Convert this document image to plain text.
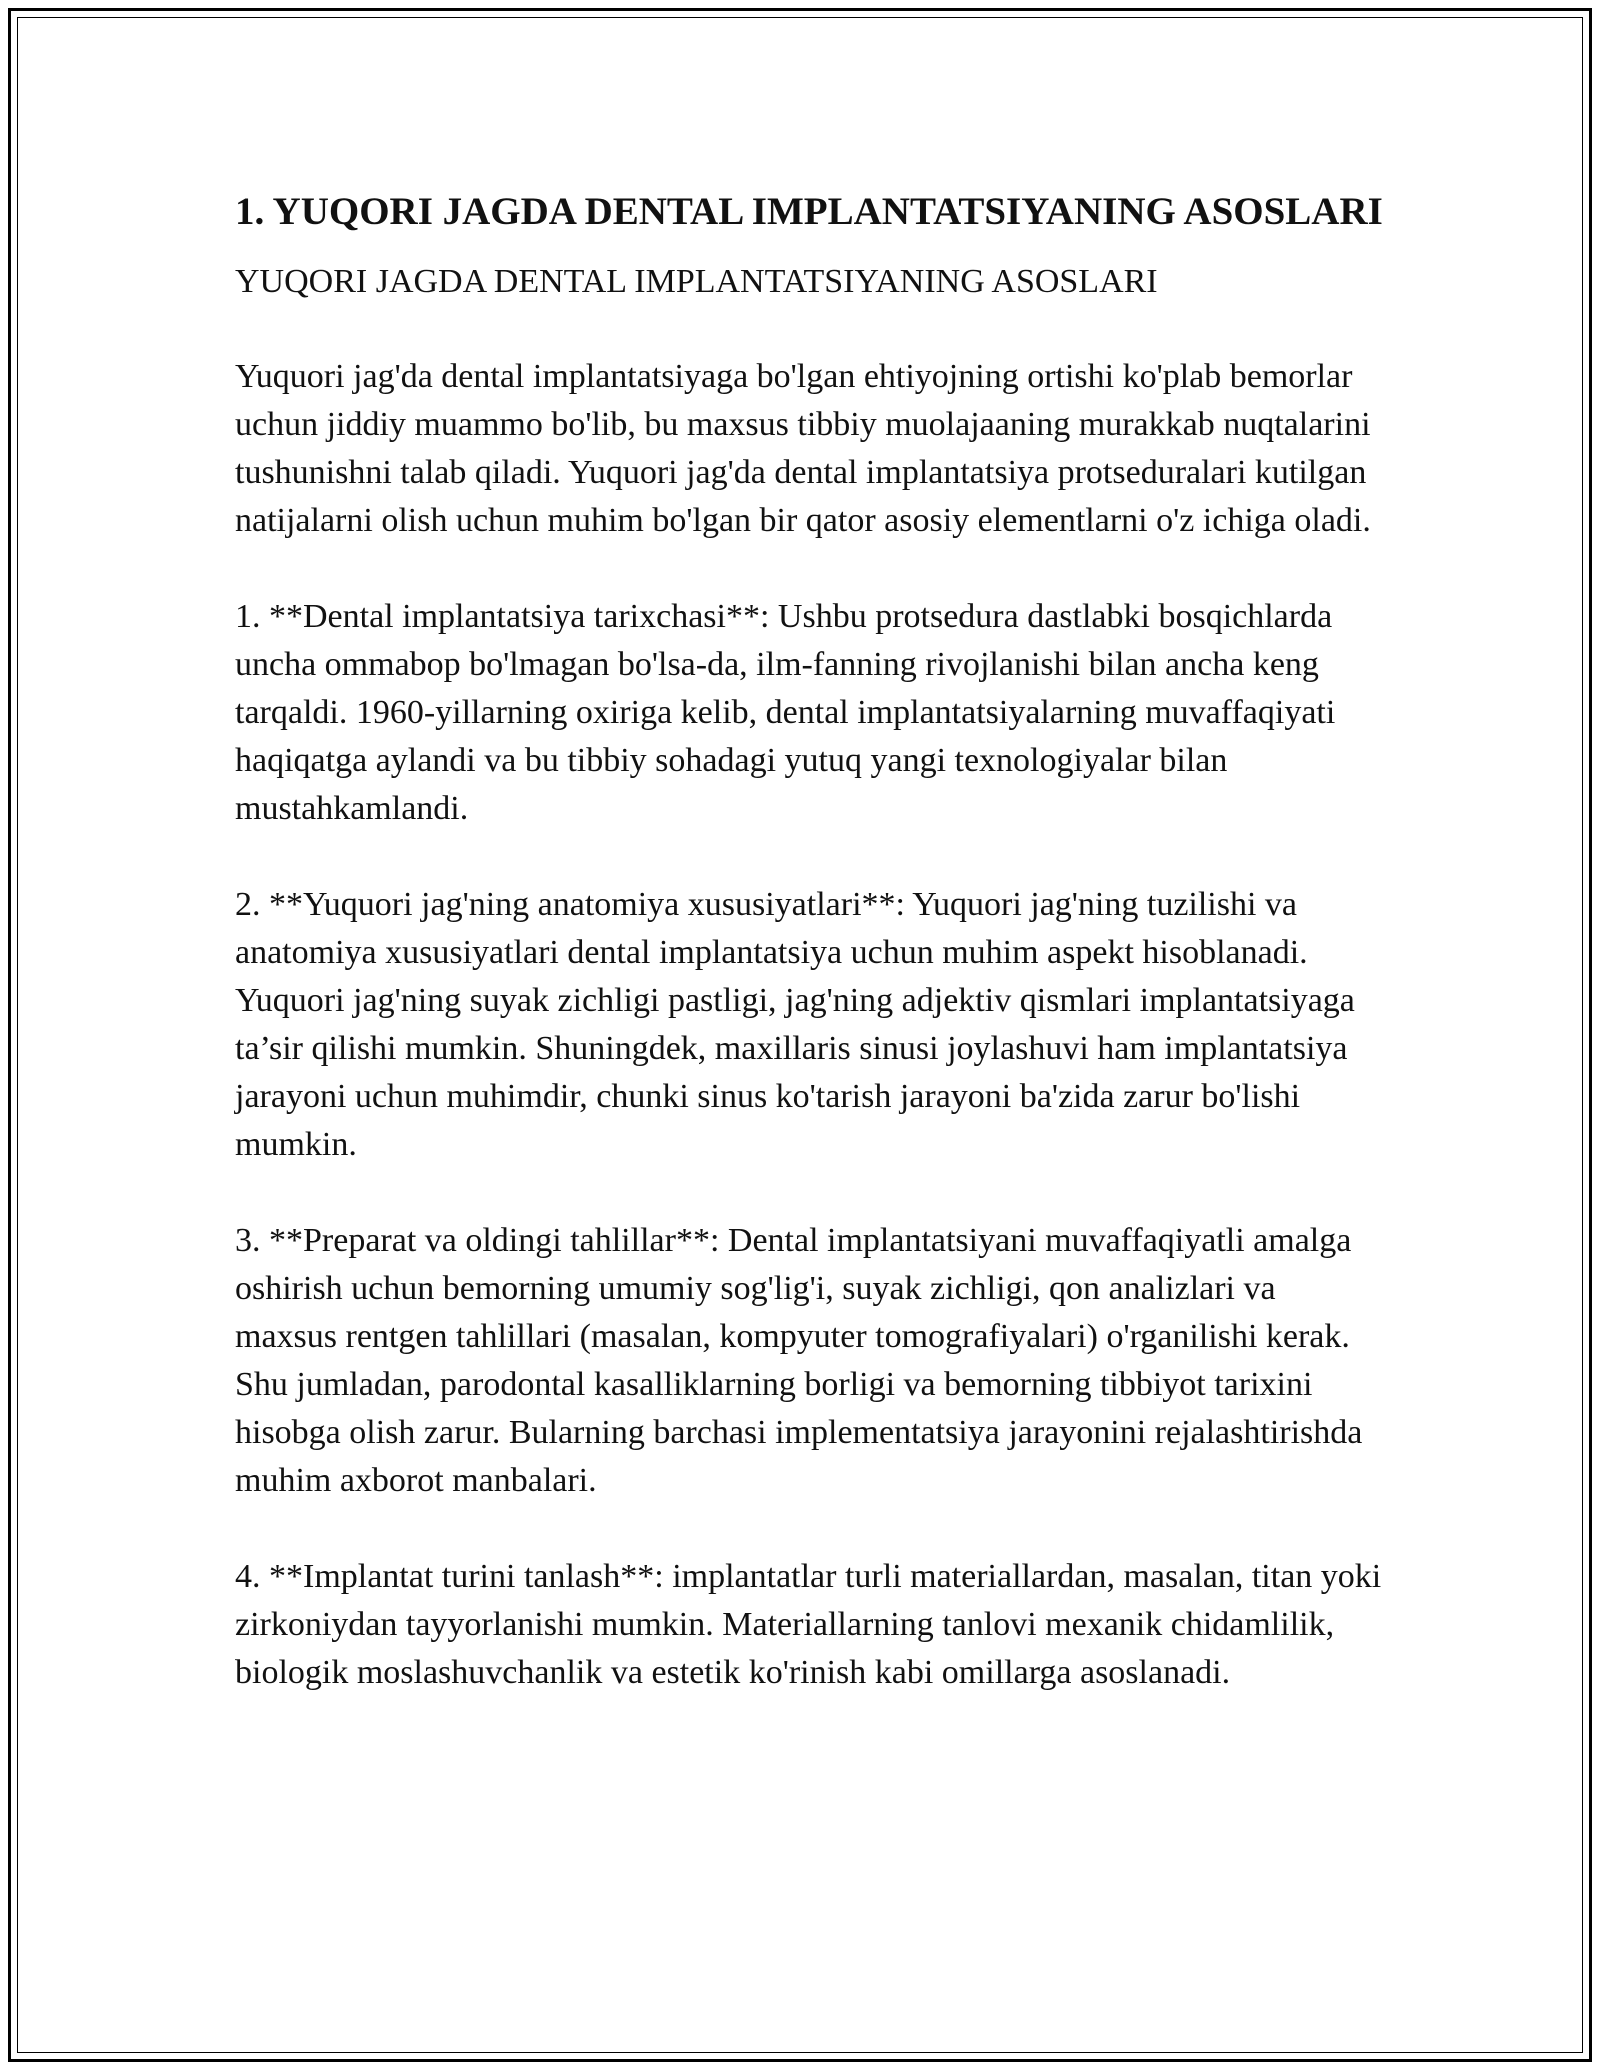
1. YUQORI JAGDA DENTAL IMPLANTATSIYANING ASOSLARI
YUQORI JAGDA DENTAL IMPLANTATSIYANING ASOSLARI

Yuquori jag'da dental implantatsiyaga bo'lgan ehtiyojning ortishi ko'plab bemorlar uchun jiddiy muammo bo'lib, bu maxsus tibbiy muolajaaning murakkab nuqtalarini tushunishni talab qiladi. Yuquori jag'da dental implantatsiya protseduralari kutilgan natijalarni olish uchun muhim bo'lgan bir qator asosiy elementlarni o'z ichiga oladi.

1. **Dental implantatsiya tarixchasi**: Ushbu protsedura dastlabki bosqichlarda uncha ommabop bo'lmagan bo'lsa-da, ilm-fanning rivojlanishi bilan ancha keng tarqaldi. 1960-yillarning oxiriga kelib, dental implantatsiyalarning muvaffaqiyati haqiqatga aylandi va bu tibbiy sohadagi yutuq yangi texnologiyalar bilan mustahkamlandi.

2. **Yuquori jag'ning anatomiya xususiyatlari**: Yuquori jag'ning tuzilishi va anatomiya xususiyatlari dental implantatsiya uchun muhim aspekt hisoblanadi. Yuquori jag'ning suyak zichligi pastligi, jag'ning adjektiv qismlari implantatsiyaga ta’sir qilishi mumkin. Shuningdek, maxillaris sinusi joylashuvi ham implantatsiya jarayoni uchun muhimdir, chunki sinus ko'tarish jarayoni ba'zida zarur bo'lishi mumkin.

3. **Preparat va oldingi tahlillar**: Dental implantatsiyani muvaffaqiyatli amalga oshirish uchun bemorning umumiy sog'lig'i, suyak zichligi, qon analizlari va maxsus rentgen tahlillari (masalan, kompyuter tomografiyalari) o'rganilishi kerak. Shu jumladan, parodontal kasalliklarning borligi va bemorning tibbiyot tarixini hisobga olish zarur. Bularning barchasi implementatsiya jarayonini rejalashtirishda muhim axborot manbalari.

4. **Implantat turini tanlash**: implantatlar turli materiallardan, masalan, titan yoki zirkoniydan tayyorlanishi mumkin. Materiallarning tanlovi mexanik chidamlilik, biologik moslashuvchanlik va estetik ko'rinish kabi omillarga asoslanadi.
